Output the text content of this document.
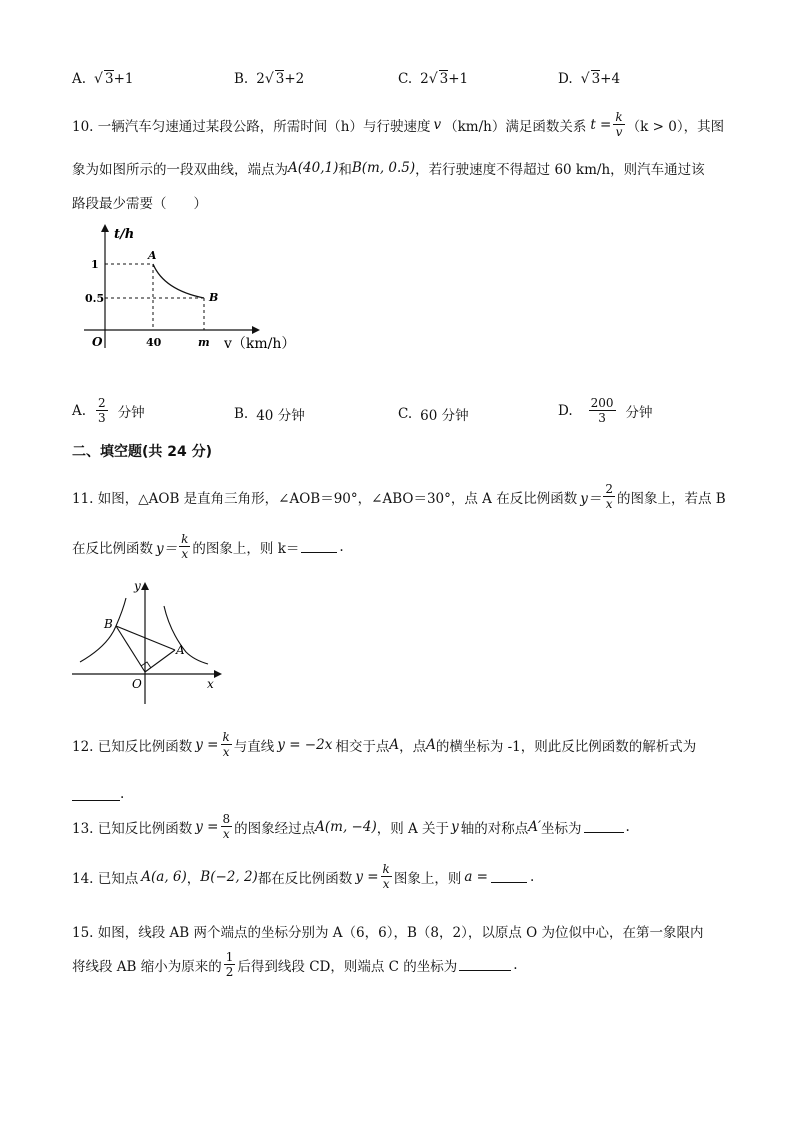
A. √ 3+1	B. 2√ 3+2	C. 2√ 3+1	D. √ 3+4
10. 一辆汽车匀速通过某段公路，所需时间（h）与行驶速度 v （km/h）满足函数关系 $t = \frac{k}{v} (k > 0)$，其图
象为如图所示的一段双曲线，端点为 A(40,1) 和 B(m, 0.5) ，若行驶速度不得超过 60 km/h，则汽车通过该
路段最少需要（　　）
t/h
v（km/h）
O	40	m
1
0.5
A
B
A. $\frac{2}{3}$ 分钟	B. 40 分钟	C. 60 分钟	D. $\frac{200}{3}$ 分钟
二、填空题(共 24 分)
11. 如图，△AOB 是直角三角形，∠AOB＝90°，∠ABO＝30°，点 A 在反比例函数 $y= \frac{2}{x}$ 的图象上，若点 B
在反比例函数 $y= \frac{k}{x}$ 的图象上，则 k＝	.
y
x
O
A
B
12. 已知反比例函数 $y = \frac{k}{x}$ 与直线 y = −2x 相交于点 A ，点 A 的横坐标为 -1，则此反比例函数的解析式为
.
13. 已知反比例函数 $y = \frac{8}{x}$ 的图象经过点 A(m, −4) ，则 A 关于 y 轴的对称点 A′ 坐标为	.
14. 已知点 A(a, 6) ， B(−2, 2) 都在反比例函数 $y = \frac{k}{x}$ 图象上，则 a =	.
15. 如图，线段 AB 两个端点的坐标分别为 A（6，6），B（8，2），以原点 O 为位似中心，在第一象限内
将线段 AB 缩小为原来的 $\frac{1}{2}$ 后得到线段 CD，则端点 C 的坐标为	.
